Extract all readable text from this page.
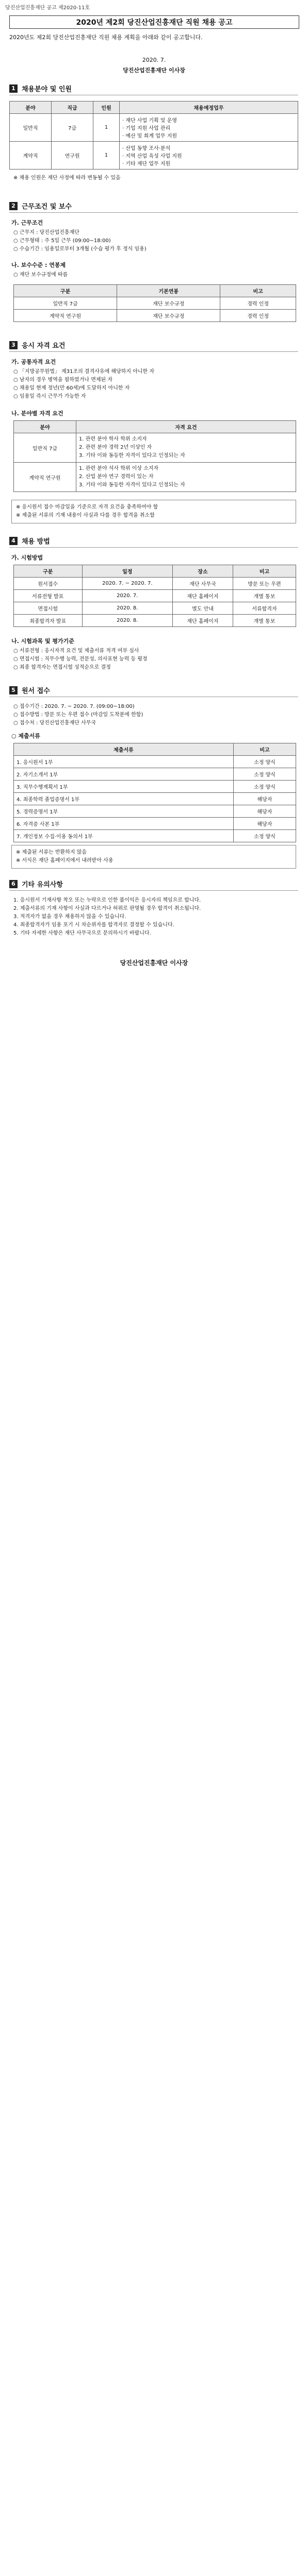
당진산업진흥재단 공고 제2020-11호
2020년 제2회 당진산업진흥재단 직원 채용 공고
2020년도 제2회 당진산업진흥재단 직원 채용 계획을 아래와 같이 공고합니다.
2020. 7.
당진산업진흥재단 이사장
1 채용분야 및 인원
분야	직급	인원	채용예정업무
일반직	7급	1	· 재단 사업 기획 및 운영
· 기업 지원 사업 관리
· 예산 및 회계 업무 지원
계약직	연구원	1	· 산업 동향 조사·분석
· 지역 산업 육성 사업 지원
· 기타 재단 업무 지원
※ 채용 인원은 재단 사정에 따라 변동될 수 있음
2 근무조건 및 보수
가. 근무조건
○ 근무지 : 당진산업진흥재단
○ 근무형태 : 주 5일 근무 (09:00~18:00)
○ 수습기간 : 임용일로부터 3개월 (수습 평가 후 정식 임용)
나. 보수수준 : 연봉제
○ 재단 보수규정에 따름
구분	기본연봉	비고
일반직 7급	재단 보수규정	경력 인정
계약직 연구원	재단 보수규정	경력 인정
3 응시 자격 요건
가. 공통자격 요건
○ 「지방공무원법」 제31조의 결격사유에 해당하지 아니한 자
○ 남자의 경우 병역을 필하였거나 면제된 자
○ 채용일 현재 정년(만 60세)에 도달하지 아니한 자
○ 임용일 즉시 근무가 가능한 자
나. 분야별 자격 요건
분야	자격 요건
일반직 7급	1. 관련 분야 학사 학위 소지자
2. 관련 분야 경력 2년 이상인 자
3. 기타 이와 동등한 자격이 있다고 인정되는 자
계약직 연구원	1. 관련 분야 석사 학위 이상 소지자
2. 산업 분야 연구 경력이 있는 자
3. 기타 이와 동등한 자격이 있다고 인정되는 자
※ 응시원서 접수 마감일을 기준으로 자격 요건을 충족하여야 함
※ 제출된 서류의 기재 내용이 사실과 다를 경우 합격을 취소함
4 채용 방법
가. 시험방법
구분	일정	장소	비고
원서접수	2020. 7. ~ 2020. 7.	재단 사무국	방문 또는 우편
서류전형 발표	2020. 7.	재단 홈페이지	개별 통보
면접시험	2020. 8.	별도 안내	서류합격자
최종합격자 발표	2020. 8.	재단 홈페이지	개별 통보
나. 시험과목 및 평가기준
○ 서류전형 : 응시자격 요건 및 제출서류 적격 여부 심사
○ 면접시험 : 직무수행 능력, 전문성, 의사표현 능력 등 평정
○ 최종 합격자는 면접시험 성적순으로 결정
5 원서 접수
○ 접수기간 : 2020. 7. ~ 2020. 7. (09:00~18:00)
○ 접수방법 : 방문 또는 우편 접수 (마감일 도착분에 한함)
○ 접수처 : 당진산업진흥재단 사무국
○ 제출서류
제출서류	비고
1. 응시원서 1부	소정 양식
2. 자기소개서 1부	소정 양식
3. 직무수행계획서 1부	소정 양식
4. 최종학력 졸업증명서 1부	해당자
5. 경력증명서 1부	해당자
6. 자격증 사본 1부	해당자
7. 개인정보 수집·이용 동의서 1부	소정 양식
※ 제출된 서류는 반환하지 않음
※ 서식은 재단 홈페이지에서 내려받아 사용
6 기타 유의사항
1. 응시원서 기재사항 착오 또는 누락으로 인한 불이익은 응시자의 책임으로 합니다.
2. 제출서류의 기재 사항이 사실과 다르거나 허위로 판명될 경우 합격이 취소됩니다.
3. 적격자가 없을 경우 채용하지 않을 수 있습니다.
4. 최종합격자가 임용 포기 시 차순위자를 합격자로 결정할 수 있습니다.
5. 기타 자세한 사항은 재단 사무국으로 문의하시기 바랍니다.
당진산업진흥재단 이사장
